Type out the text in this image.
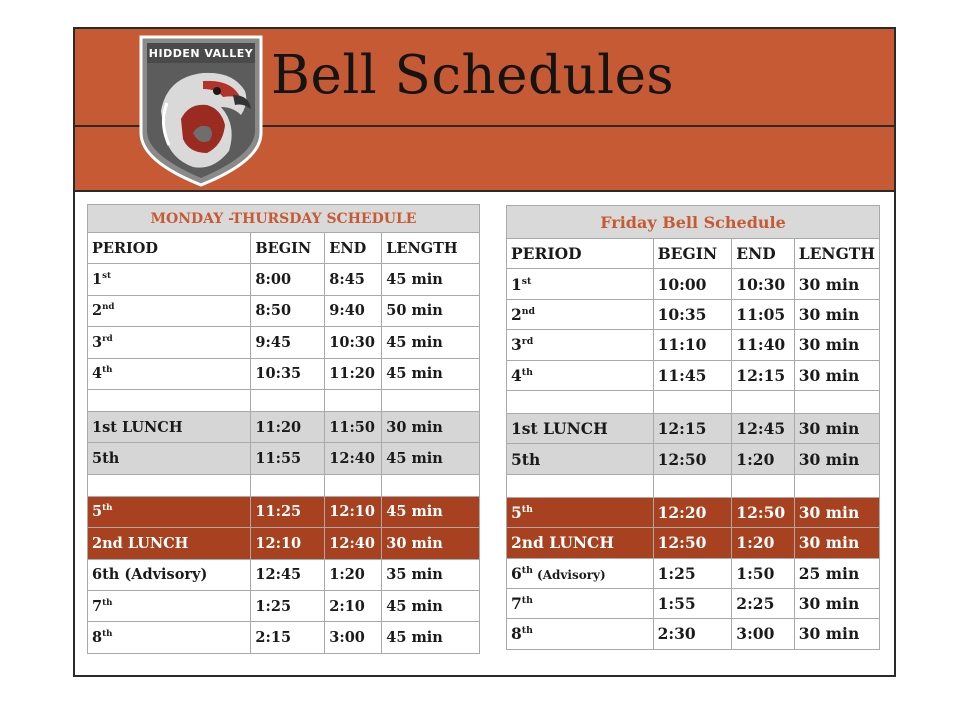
HIDDEN VALLEY Bell Schedules
MONDAY -THURSDAY SCHEDULE			
PERIOD	BEGIN	END	LENGTH
1st	8:00	8:45	45 min
2nd	8:50	9:40	50 min
3rd	9:45	10:30	45 min
4th	10:35	11:20	45 min

1st LUNCH	11:20	11:50	30 min
5th	11:55	12:40	45 min

5th	11:25	12:10	45 min
2nd LUNCH	12:10	12:40	30 min
6th (Advisory)	12:45	1:20	35 min
7th	1:25	2:10	45 min
8th	2:15	3:00	45 min
Friday Bell Schedule			
PERIOD	BEGIN	END	LENGTH
1st	10:00	10:30	30 min
2nd	10:35	11:05	30 min
3rd	11:10	11:40	30 min
4th	11:45	12:15	30 min

1st LUNCH	12:15	12:45	30 min
5th	12:50	1:20	30 min

5th	12:20	12:50	30 min
2nd LUNCH	12:50	1:20	30 min
6th (Advisory)	1:25	1:50	25 min
7th	1:55	2:25	30 min
8th	2:30	3:00	30 min
